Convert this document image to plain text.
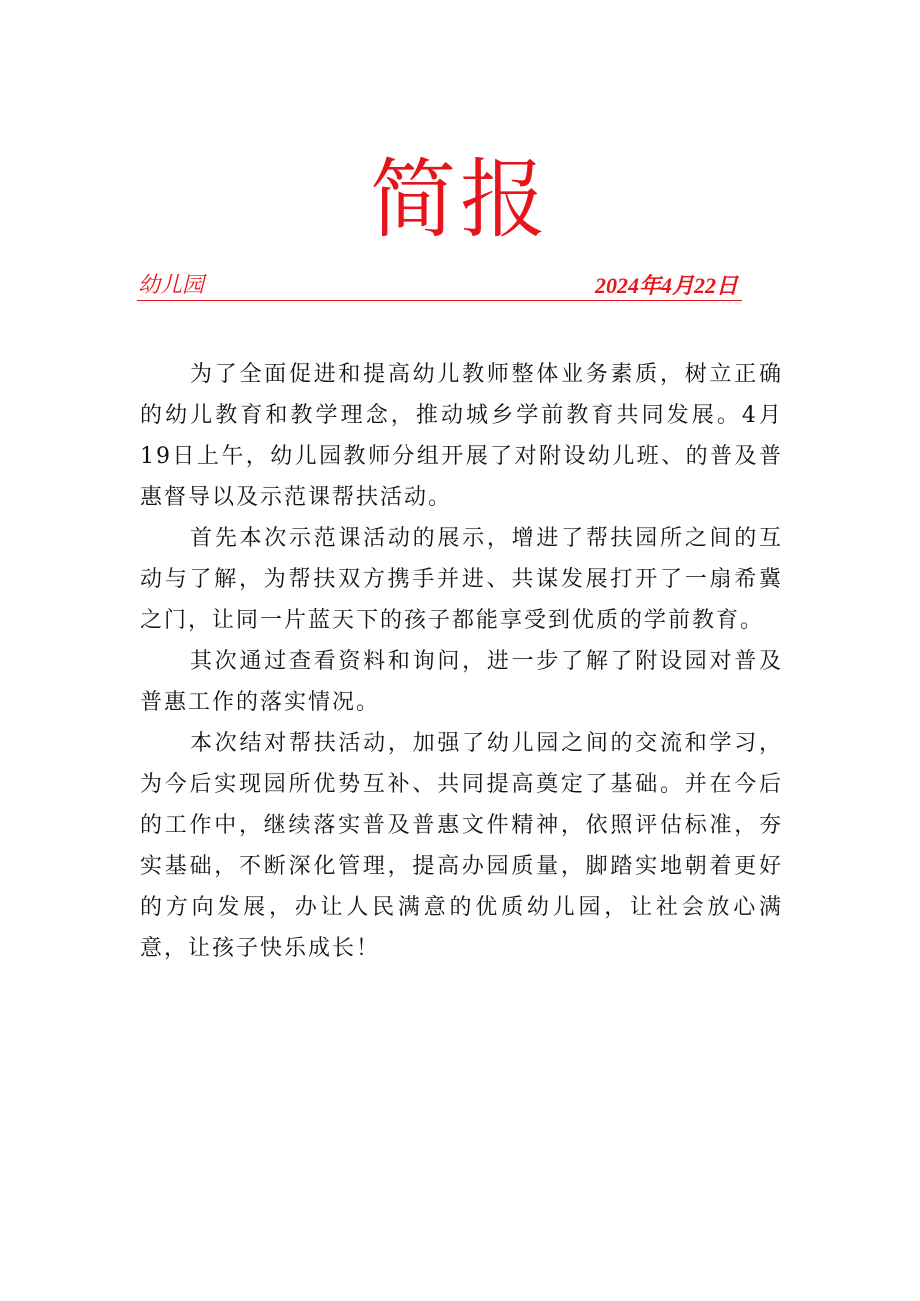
简报
幼儿园	2024年4月22日

为了全面促进和提高幼儿教师整体业务素质，树立正确的幼儿教育和教学理念，推动城乡学前教育共同发展。4月19日上午，幼儿园教师分组开展了对附设幼儿班、的普及普惠督导以及示范课帮扶活动。

首先本次示范课活动的展示，增进了帮扶园所之间的互动与了解，为帮扶双方携手并进、共谋发展打开了一扇希冀之门，让同一片蓝天下的孩子都能享受到优质的学前教育。

其次通过查看资料和询问，进一步了解了附设园对普及普惠工作的落实情况。

本次结对帮扶活动，加强了幼儿园之间的交流和学习，为今后实现园所优势互补、共同提高奠定了基础。并在今后的工作中，继续落实普及普惠文件精神，依照评估标准，夯实基础，不断深化管理，提高办园质量，脚踏实地朝着更好的方向发展，办让人民满意的优质幼儿园，让社会放心满意，让孩子快乐成长！
